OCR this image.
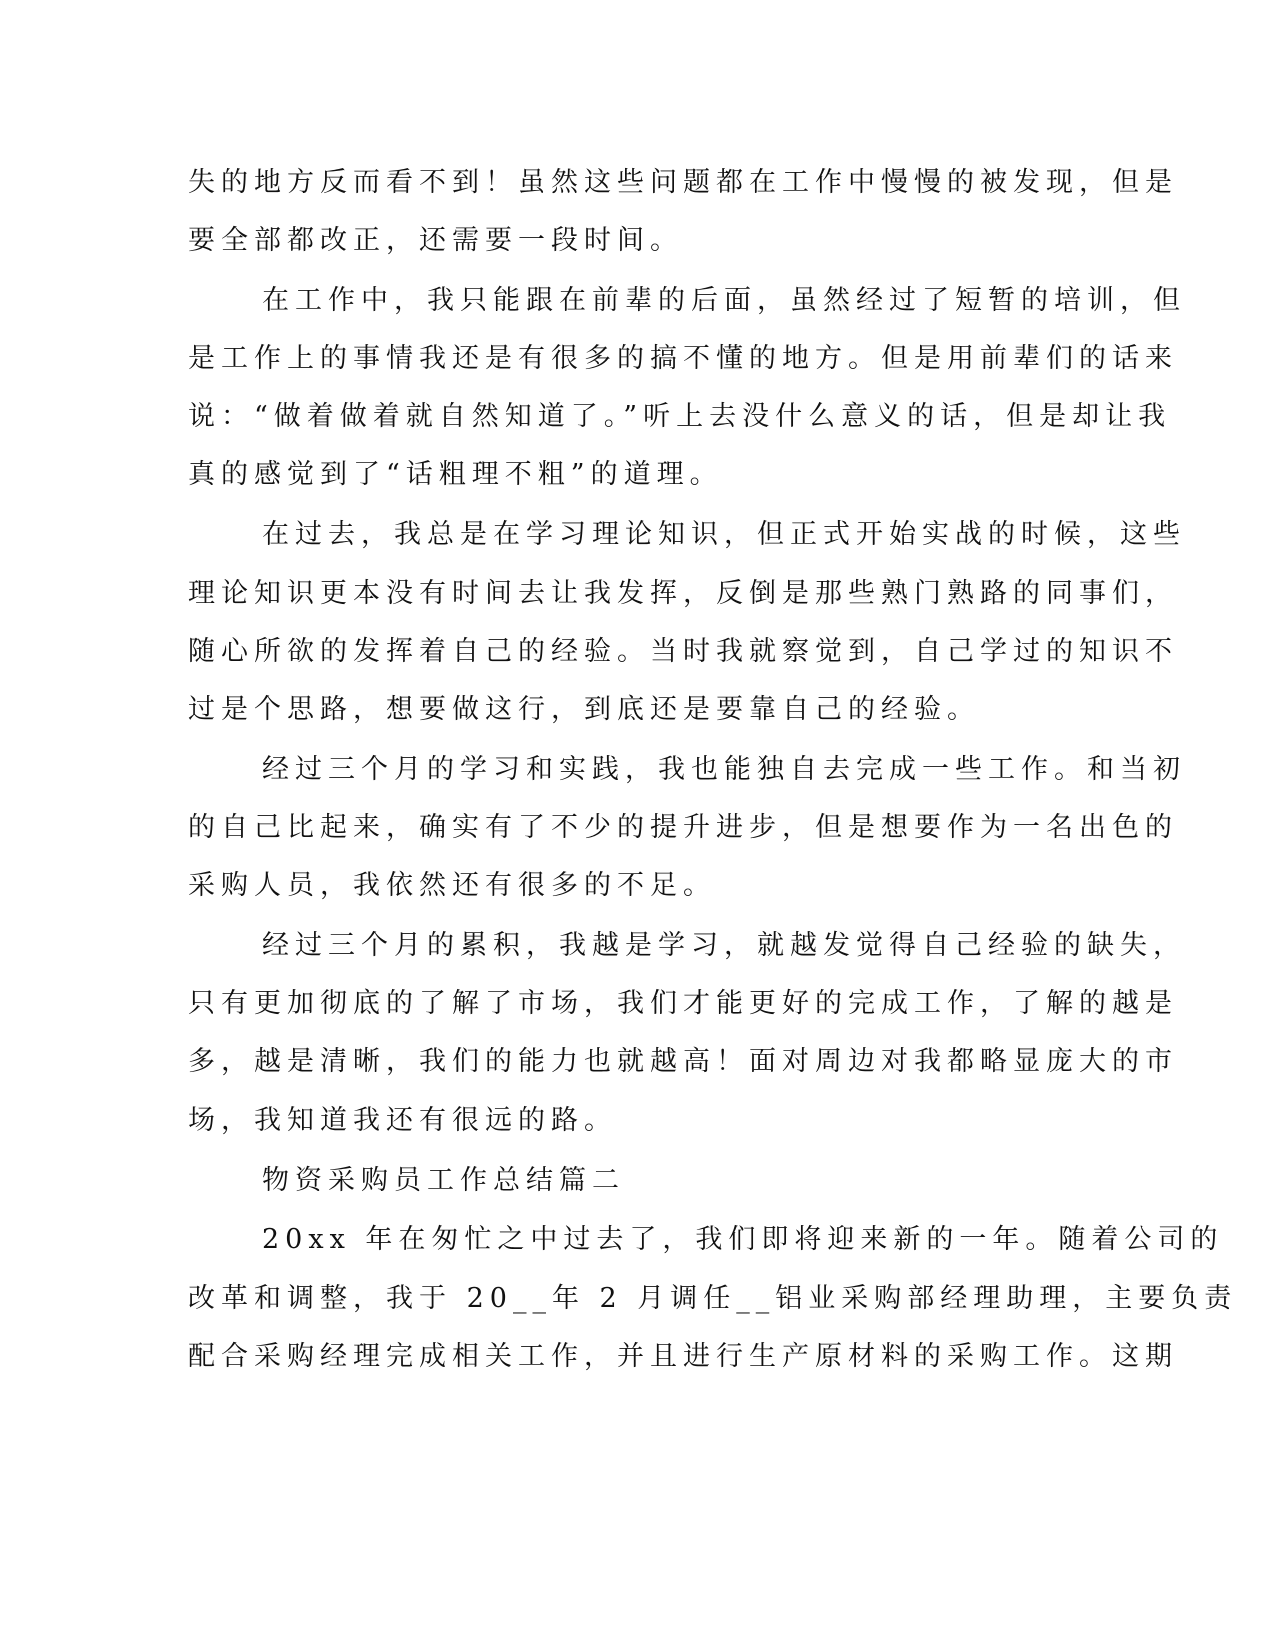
失的地方反而看不到！虽然这些问题都在工作中慢慢的被发现，但是
要全部都改正，还需要一段时间。
在工作中，我只能跟在前辈的后面，虽然经过了短暂的培训，但
是工作上的事情我还是有很多的搞不懂的地方。但是用前辈们的话来
说：“做着做着就自然知道了。”听上去没什么意义的话，但是却让我
真的感觉到了“话粗理不粗”的道理。
在过去，我总是在学习理论知识，但正式开始实战的时候，这些
理论知识更本没有时间去让我发挥，反倒是那些熟门熟路的同事们，
随心所欲的发挥着自己的经验。当时我就察觉到，自己学过的知识不
过是个思路，想要做这行，到底还是要靠自己的经验。
经过三个月的学习和实践，我也能独自去完成一些工作。和当初
的自己比起来，确实有了不少的提升进步，但是想要作为一名出色的
采购人员，我依然还有很多的不足。
经过三个月的累积，我越是学习，就越发觉得自己经验的缺失，
只有更加彻底的了解了市场，我们才能更好的完成工作，了解的越是
多，越是清晰，我们的能力也就越高！面对周边对我都略显庞大的市
场，我知道我还有很远的路。
物资采购员工作总结篇二
20xx 年在匆忙之中过去了，我们即将迎来新的一年。随着公司的
改革和调整，我于 20__年 2 月调任__铝业采购部经理助理，主要负责
配合采购经理完成相关工作，并且进行生产原材料的采购工作。这期
